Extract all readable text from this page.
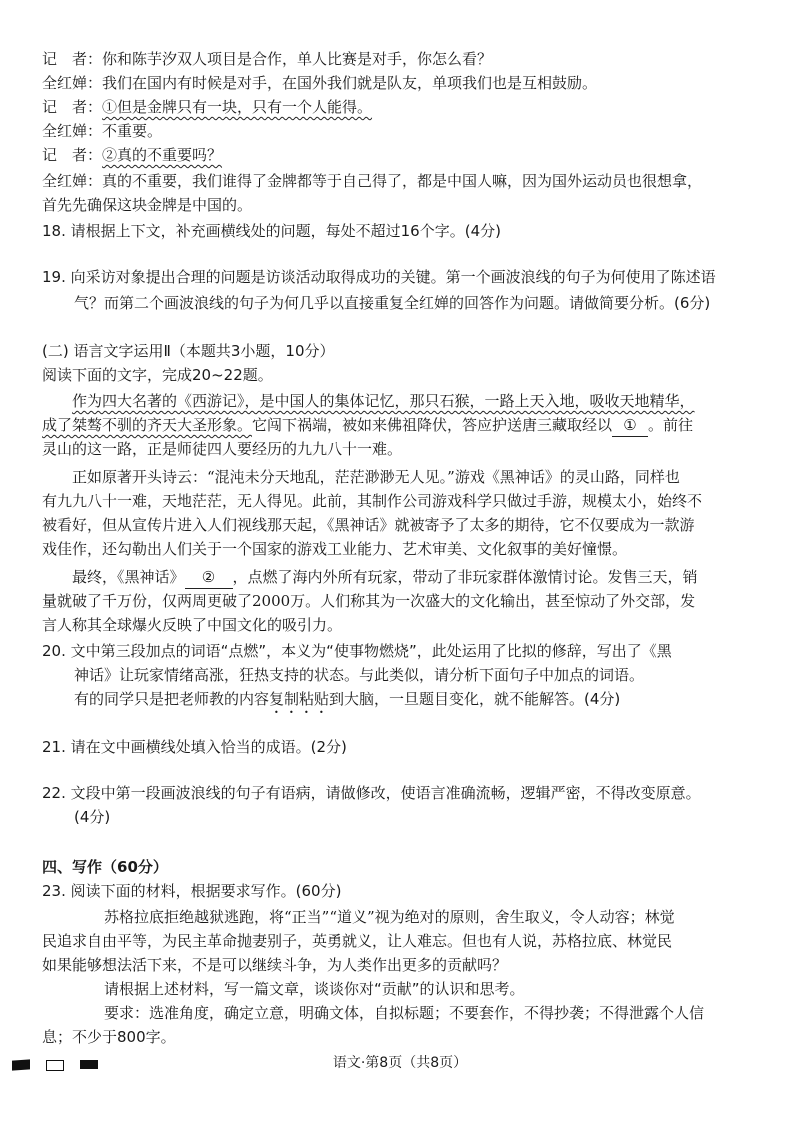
记　者：你和陈芋汐双人项目是合作，单人比赛是对手，你怎么看？
全红婵：我们在国内有时候是对手，在国外我们就是队友，单项我们也是互相鼓励。
记　者：①但是金牌只有一块，只有一个人能得。
全红婵：不重要。
记　者：②真的不重要吗？
全红婵：真的不重要，我们谁得了金牌都等于自己得了，都是中国人嘛，因为国外运动员也很想拿，
首先先确保这块金牌是中国的。
18. 请根据上下文，补充画横线处的问题，每处不超过16个字。(4分)
19. 向采访对象提出合理的问题是访谈活动取得成功的关键。第一个画波浪线的句子为何使用了陈述语
气？而第二个画波浪线的句子为何几乎以直接重复全红婵的回答作为问题。请做简要分析。(6分)
(二) 语言文字运用Ⅱ（本题共3小题，10分）
阅读下面的文字，完成20~22题。
作为四大名著的《西游记》，是中国人的集体记忆，那只石猴，一路上天入地，吸收天地精华，
成了桀骜不驯的齐天大圣形象。它闯下祸端，被如来佛祖降伏，答应护送唐三藏取经以 ① 。前往
灵山的这一路，正是师徒四人要经历的九九八十一难。
正如原著开头诗云：“混沌未分天地乱，茫茫渺渺无人见。”游戏《黑神话》的灵山路，同样也
有九九八十一难，天地茫茫，无人得见。此前，其制作公司游戏科学只做过手游，规模太小，始终不
被看好，但从宣传片进入人们视线那天起，《黑神话》就被寄予了太多的期待，它不仅要成为一款游
戏佳作，还勾勒出人们关于一个国家的游戏工业能力、艺术审美、文化叙事的美好憧憬。
最终，《黑神话》 ② ，点燃了海内外所有玩家，带动了非玩家群体激情讨论。发售三天，销
量就破了千万份，仅两周更破了2000万。人们称其为一次盛大的文化输出，甚至惊动了外交部，发
言人称其全球爆火反映了中国文化的吸引力。
20. 文中第三段加点的词语“点燃”，本义为“使事物燃烧”，此处运用了比拟的修辞，写出了《黑
神话》让玩家情绪高涨，狂热支持的状态。与此类似，请分析下面句子中加点的词语。
有的同学只是把老师教的内容复制粘贴到大脑，一旦题目变化，就不能解答。(4分)
21. 请在文中画横线处填入恰当的成语。(2分)
22. 文段中第一段画波浪线的句子有语病，请做修改，使语言准确流畅，逻辑严密，不得改变原意。
(4分)
四、写作（60分）
23. 阅读下面的材料，根据要求写作。(60分)
苏格拉底拒绝越狱逃跑，将“正当”“道义”视为绝对的原则，舍生取义，令人动容；林觉
民追求自由平等，为民主革命抛妻别子，英勇就义，让人难忘。但也有人说，苏格拉底、林觉民
如果能够想法活下来，不是可以继续斗争，为人类作出更多的贡献吗？
请根据上述材料，写一篇文章，谈谈你对“贡献”的认识和思考。
要求：选准角度，确定立意，明确文体，自拟标题；不要套作，不得抄袭；不得泄露个人信
息；不少于800字。
语文·第8页（共8页）
